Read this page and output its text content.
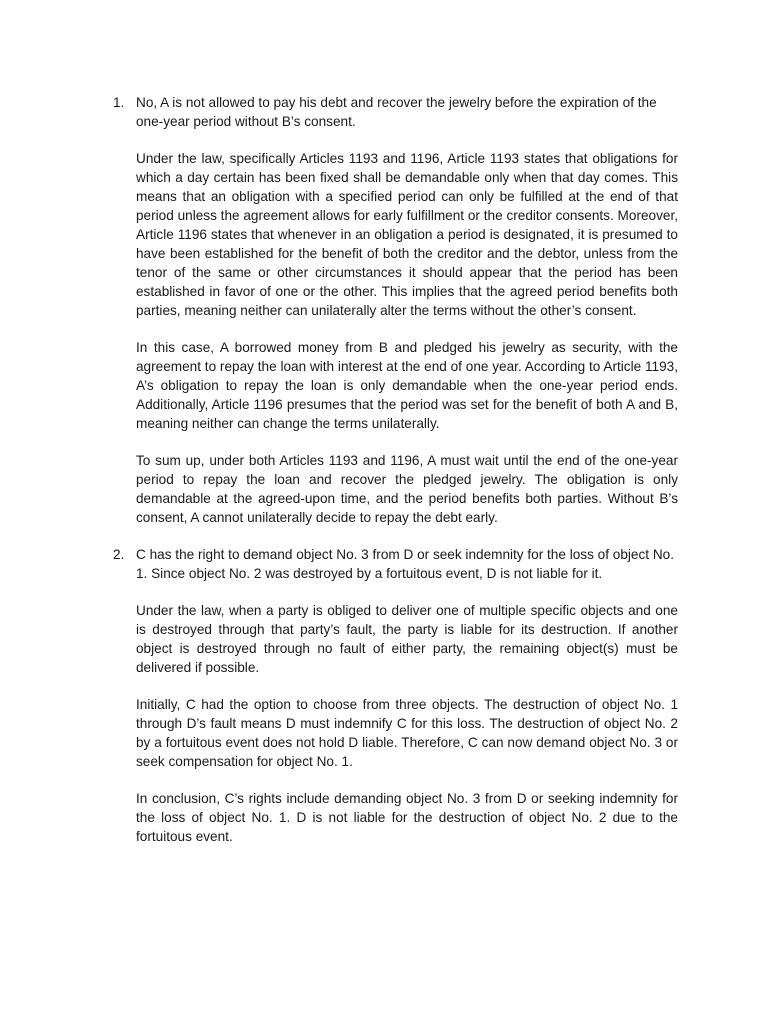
1. No, A is not allowed to pay his debt and recover the jewelry before the expiration of the one-year period without B’s consent.

Under the law, specifically Articles 1193 and 1196, Article 1193 states that obligations for which a day certain has been fixed shall be demandable only when that day comes. This means that an obligation with a specified period can only be fulfilled at the end of that period unless the agreement allows for early fulfillment or the creditor consents. Moreover, Article 1196 states that whenever in an obligation a period is designated, it is presumed to have been established for the benefit of both the creditor and the debtor, unless from the tenor of the same or other circumstances it should appear that the period has been established in favor of one or the other. This implies that the agreed period benefits both parties, meaning neither can unilaterally alter the terms without the other’s consent.

In this case, A borrowed money from B and pledged his jewelry as security, with the agreement to repay the loan with interest at the end of one year. According to Article 1193, A’s obligation to repay the loan is only demandable when the one-year period ends. Additionally, Article 1196 presumes that the period was set for the benefit of both A and B, meaning neither can change the terms unilaterally.

To sum up, under both Articles 1193 and 1196, A must wait until the end of the one-year period to repay the loan and recover the pledged jewelry. The obligation is only demandable at the agreed-upon time, and the period benefits both parties. Without B’s consent, A cannot unilaterally decide to repay the debt early.

2. C has the right to demand object No. 3 from D or seek indemnity for the loss of object No. 1. Since object No. 2 was destroyed by a fortuitous event, D is not liable for it.

Under the law, when a party is obliged to deliver one of multiple specific objects and one is destroyed through that party’s fault, the party is liable for its destruction. If another object is destroyed through no fault of either party, the remaining object(s) must be delivered if possible.

Initially, C had the option to choose from three objects. The destruction of object No. 1 through D’s fault means D must indemnify C for this loss. The destruction of object No. 2 by a fortuitous event does not hold D liable. Therefore, C can now demand object No. 3 or seek compensation for object No. 1.

In conclusion, C’s rights include demanding object No. 3 from D or seeking indemnity for the loss of object No. 1. D is not liable for the destruction of object No. 2 due to the fortuitous event.
